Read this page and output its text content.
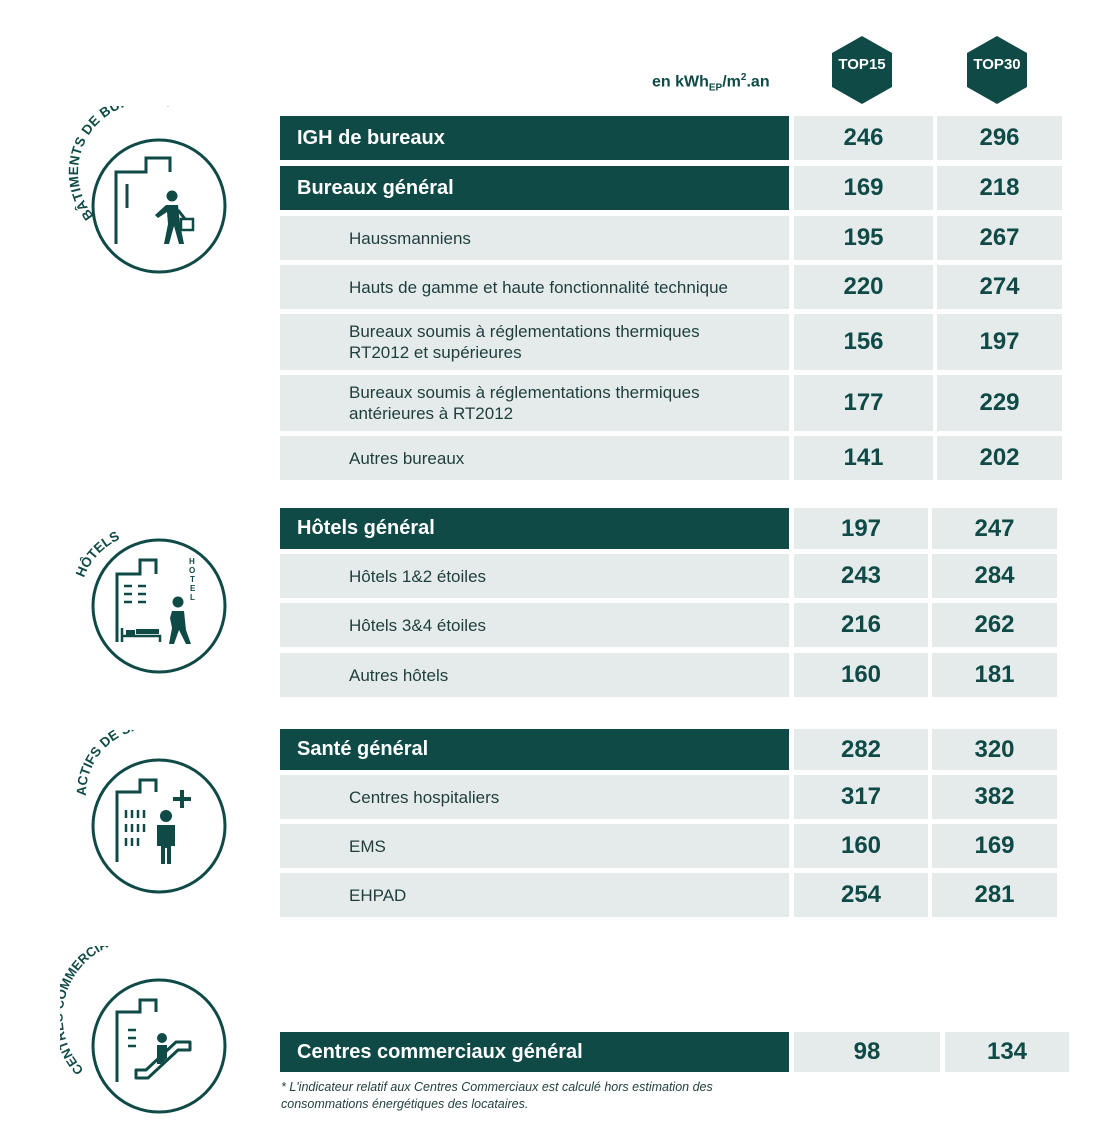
en $kWh_{EP}/m^2.an$
TOP15	TOP30
IGH de bureaux	246	296
Bureaux général	169	218
Haussmanniens	195	267
Hauts de gamme et haute fonctionnalité technique	220	274
Bureaux soumis à réglementations thermiques RT2012 et supérieures	156	197
Bureaux soumis à réglementations thermiques antérieures à RT2012	177	229
Autres bureaux	141	202
Hôtels général	197	247
Hôtels 1&2 étoiles	243	284
Hôtels 3&4 étoiles	216	262
Autres hôtels	160	181
Santé général	282	320
Centres hospitaliers	317	382
EMS	160	169
EHPAD	254	281
Centres commerciaux général	98	134
* L'indicateur relatif aux Centres Commerciaux est calculé hors estimation des
consommations énergétiques des locataires.
BÂTIMENTS DE BU
HÔTELS
H O T E L
ACTIFS DE
CE MERCI
